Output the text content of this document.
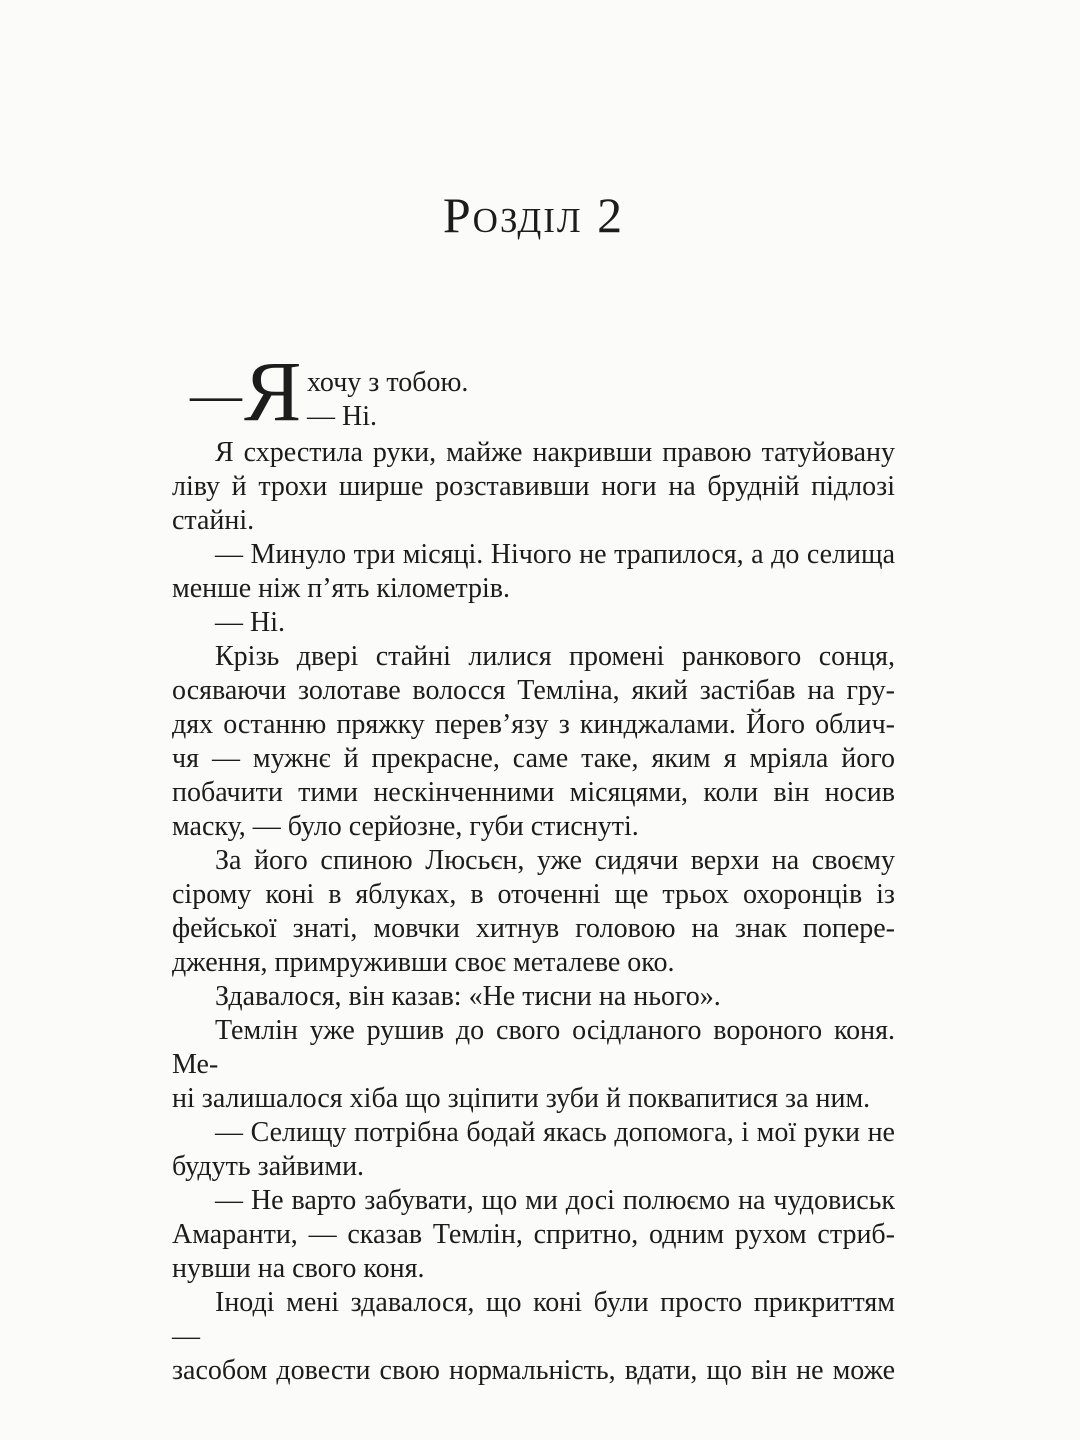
Розділ 2
— Я хочу з тобою.
— Ні.
Я схрестила руки, майже накривши правою татуйовану
ліву й трохи ширше розставивши ноги на брудній підлозі
стайні.
— Минуло три місяці. Нічого не трапилося, а до селища
менше ніж п’ять кілометрів.
— Ні.
Крізь двері стайні лилися промені ранкового сонця,
осяваючи золотаве волосся Темліна, який застібав на гру-
дях останню пряжку перев’язу з кинджалами. Його облич-
чя — мужнє й прекрасне, саме таке, яким я мріяла його
побачити тими нескінченними місяцями, коли він носив
маску, — було серйозне, губи стиснуті.
За його спиною Люсьєн, уже сидячи верхи на своєму
сірому коні в яблуках, в оточенні ще трьох охоронців із
фейської знаті, мовчки хитнув головою на знак попере-
дження, примруживши своє металеве око.
Здавалося, він казав: «Не тисни на нього».
Темлін уже рушив до свого осідланого вороного коня. Ме-
ні залишалося хіба що зціпити зуби й поквапитися за ним.
— Селищу потрібна бодай якась допомога, і мої руки не
будуть зайвими.
— Не варто забувати, що ми досі полюємо на чудовиськ
Амаранти, — сказав Темлін, спритно, одним рухом стриб-
нувши на свого коня.
Іноді мені здавалося, що коні були просто прикриттям —
засобом довести свою нормальність, вдати, що він не може
